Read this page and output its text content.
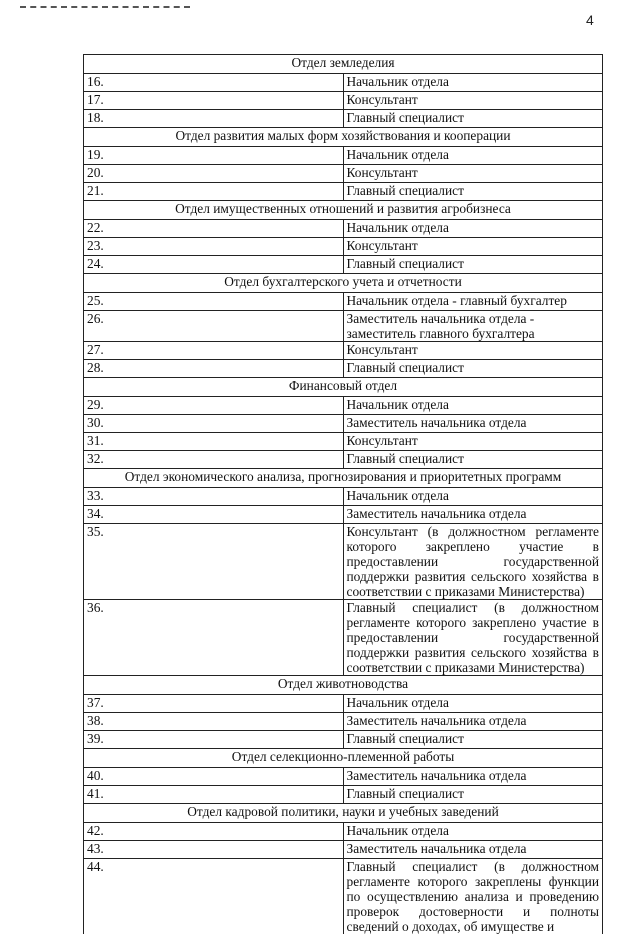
4
Отдел земледелия	
16.	Начальник отдела
17.	Консультант
18.	Главный специалист
Отдел развития малых форм хозяйствования и кооперации	
19.	Начальник отдела
20.	Консультант
21.	Главный специалист
Отдел имущественных отношений и развития агробизнеса	
22.	Начальник отдела
23.	Консультант
24.	Главный специалист
Отдел бухгалтерского учета и отчетности	
25.	Начальник отдела - главный бухгалтер
26.	Заместитель начальника отдела - заместитель главного бухгалтера
27.	Консультант
28.	Главный специалист
Финансовый отдел	
29.	Начальник отдела
30.	Заместитель начальника отдела
31.	Консультант
32.	Главный специалист
Отдел экономического анализа, прогнозирования и приоритетных программ	
33.	Начальник отдела
34.	Заместитель начальника отдела
35.	Консультант (в должностном регламенте которого закреплено участие в предоставлении государственной поддержки развития сельского хозяйства в соответствии с приказами Министерства)
36.	Главный специалист (в должностном регламенте которого закреплено участие в предоставлении государственной поддержки развития сельского хозяйства в соответствии с приказами Министерства)
Отдел животноводства	
37.	Начальник отдела
38.	Заместитель начальника отдела
39.	Главный специалист
Отдел селекционно-племенной работы	
40.	Заместитель начальника отдела
41.	Главный специалист
Отдел кадровой политики, науки и учебных заведений	
42.	Начальник отдела
43.	Заместитель начальника отдела
44.	Главный специалист (в должностном регламенте которого закреплены функции по осуществлению анализа и проведению проверок достоверности и полноты сведений о доходах, об имуществе и
